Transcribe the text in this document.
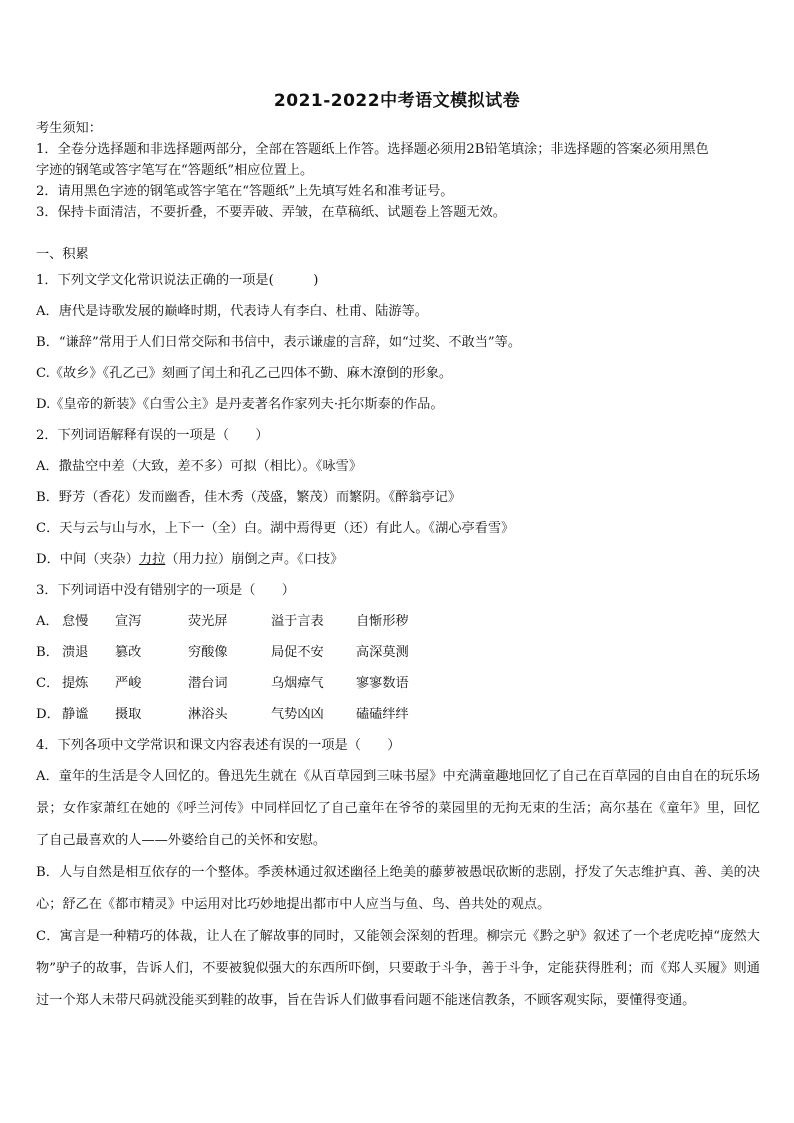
2021-2022中考语文模拟试卷
考生须知：
1．全卷分选择题和非选择题两部分，全部在答题纸上作答。选择题必须用2B铅笔填涂；非选择题的答案必须用黑色
字迹的钢笔或答字笔写在“答题纸”相应位置上。
2．请用黑色字迹的钢笔或答字笔在“答题纸”上先填写姓名和准考证号。
3．保持卡面清洁，不要折叠，不要弄破、弄皱，在草稿纸、试题卷上答题无效。
一、积累
1．下列文学文化常识说法正确的一项是(　　　)
A．唐代是诗歌发展的巅峰时期，代表诗人有李白、杜甫、陆游等。
B．“谦辞”常用于人们日常交际和书信中，表示谦虚的言辞，如“过奖、不敢当”等。
C.《故乡》《孔乙己》刻画了闰土和孔乙己四体不勤、麻木潦倒的形象。
D.《皇帝的新装》《白雪公主》是丹麦著名作家列夫·托尔斯泰的作品。
2．下列词语解释有误的一项是（　　）
A．撒盐空中差（大致，差不多）可拟（相比）。《咏雪》
B．野芳（香花）发而幽香，佳木秀（茂盛，繁茂）而繁阴。《醉翁亭记》
C．天与云与山与水，上下一（全）白。湖中焉得更（还）有此人。《湖心亭看雪》
D．中间（夹杂）力拉（用力拉）崩倒之声。《口技》
3．下列词语中没有错别字的一项是（　　）
A． 怠慢 宣泻	荧光屏	溢于言表 自惭形秽
B． 溃退 篡改	穷酸像	局促不安 高深莫测
C． 提炼 严峻	潜台词	乌烟瘴气 寥寥数语
D． 静谧 摄取	淋浴头	气势凶凶 磕磕绊绊
4．下列各项中文学常识和课文内容表述有误的一项是（　　）
A．童年的生活是令人回忆的。鲁迅先生就在《从百草园到三味书屋》中充满童趣地回忆了自己在百草园的自由自在的玩乐场景；女作家萧红在她的《呼兰河传》中同样回忆了自己童年在爷爷的菜园里的无拘无束的生活；高尔基在《童年》里，回忆了自己最喜欢的人——外婆给自己的关怀和安慰。
B．人与自然是相互依存的一个整体。季羡林通过叙述幽径上绝美的藤萝被愚氓砍断的悲剧，抒发了矢志维护真、善、美的决心；舒乙在《都市精灵》中运用对比巧妙地提出都市中人应当与鱼、鸟、兽共处的观点。
C．寓言是一种精巧的体裁，让人在了解故事的同时，又能领会深刻的哲理。柳宗元《黔之驴》叙述了一个老虎吃掉“庞然大物”驴子的故事，告诉人们，不要被貌似强大的东西所吓倒，只要敢于斗争，善于斗争，定能获得胜利；而《郑人买履》则通过一个郑人未带尺码就没能买到鞋的故事，旨在告诉人们做事看问题不能迷信教条，不顾客观实际，要懂得变通。
